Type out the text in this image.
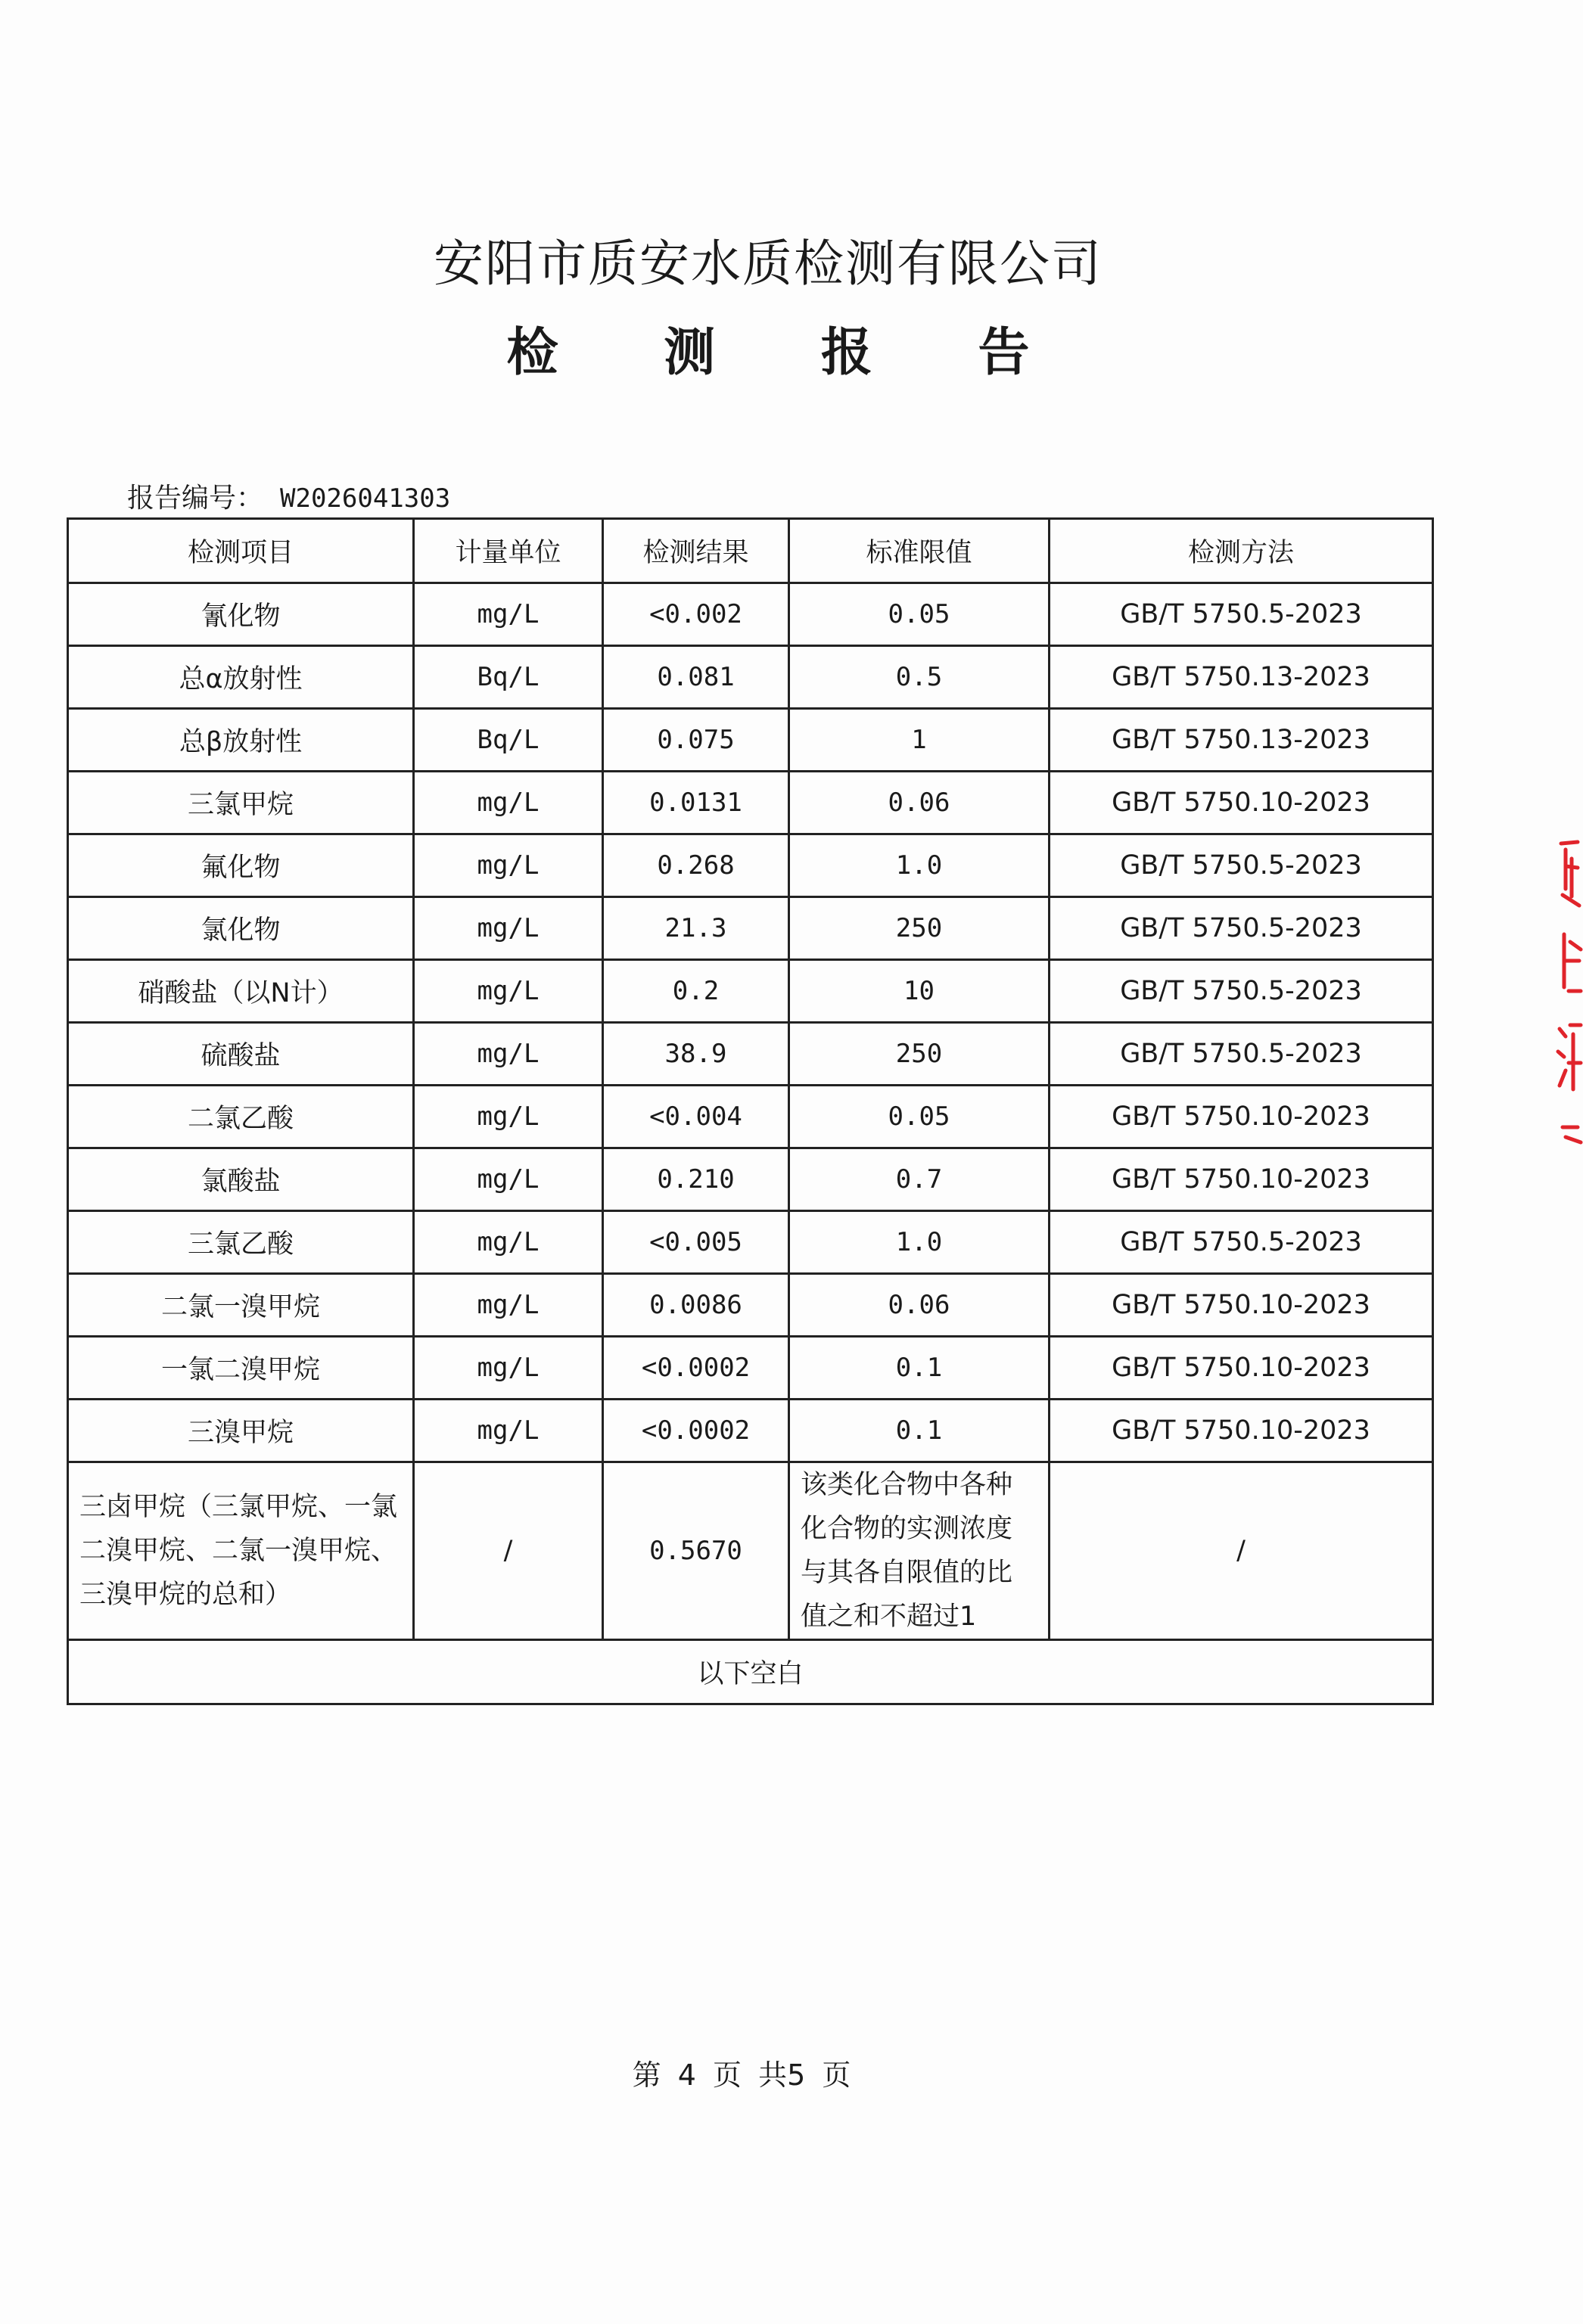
安阳市质安水质检测有限公司
检 测 报 告
报告编号： W2026041303
检测项目	计量单位	检测结果	标准限值	检测方法
氰化物	mg/L	<0.002	0.05	GB/T 5750.5-2023
总α放射性	Bq/L	0.081	0.5	GB/T 5750.13-2023
总β放射性	Bq/L	0.075	1	GB/T 5750.13-2023
三氯甲烷	mg/L	0.0131	0.06	GB/T 5750.10-2023
氟化物	mg/L	0.268	1.0	GB/T 5750.5-2023
氯化物	mg/L	21.3	250	GB/T 5750.5-2023
硝酸盐（以N计）	mg/L	0.2	10	GB/T 5750.5-2023
硫酸盐	mg/L	38.9	250	GB/T 5750.5-2023
二氯乙酸	mg/L	<0.004	0.05	GB/T 5750.10-2023
氯酸盐	mg/L	0.210	0.7	GB/T 5750.10-2023
三氯乙酸	mg/L	<0.005	1.0	GB/T 5750.5-2023
二氯一溴甲烷	mg/L	0.0086	0.06	GB/T 5750.10-2023
一氯二溴甲烷	mg/L	<0.0002	0.1	GB/T 5750.10-2023
三溴甲烷	mg/L	<0.0002	0.1	GB/T 5750.10-2023
三卤甲烷（三氯甲烷、一氯二溴甲烷、二氯一溴甲烷、三溴甲烷的总和）	/	0.5670	该类化合物中各种化合物的实测浓度与其各自限值的比值之和不超过1	/
以下空白				
第 4 页 共5 页
